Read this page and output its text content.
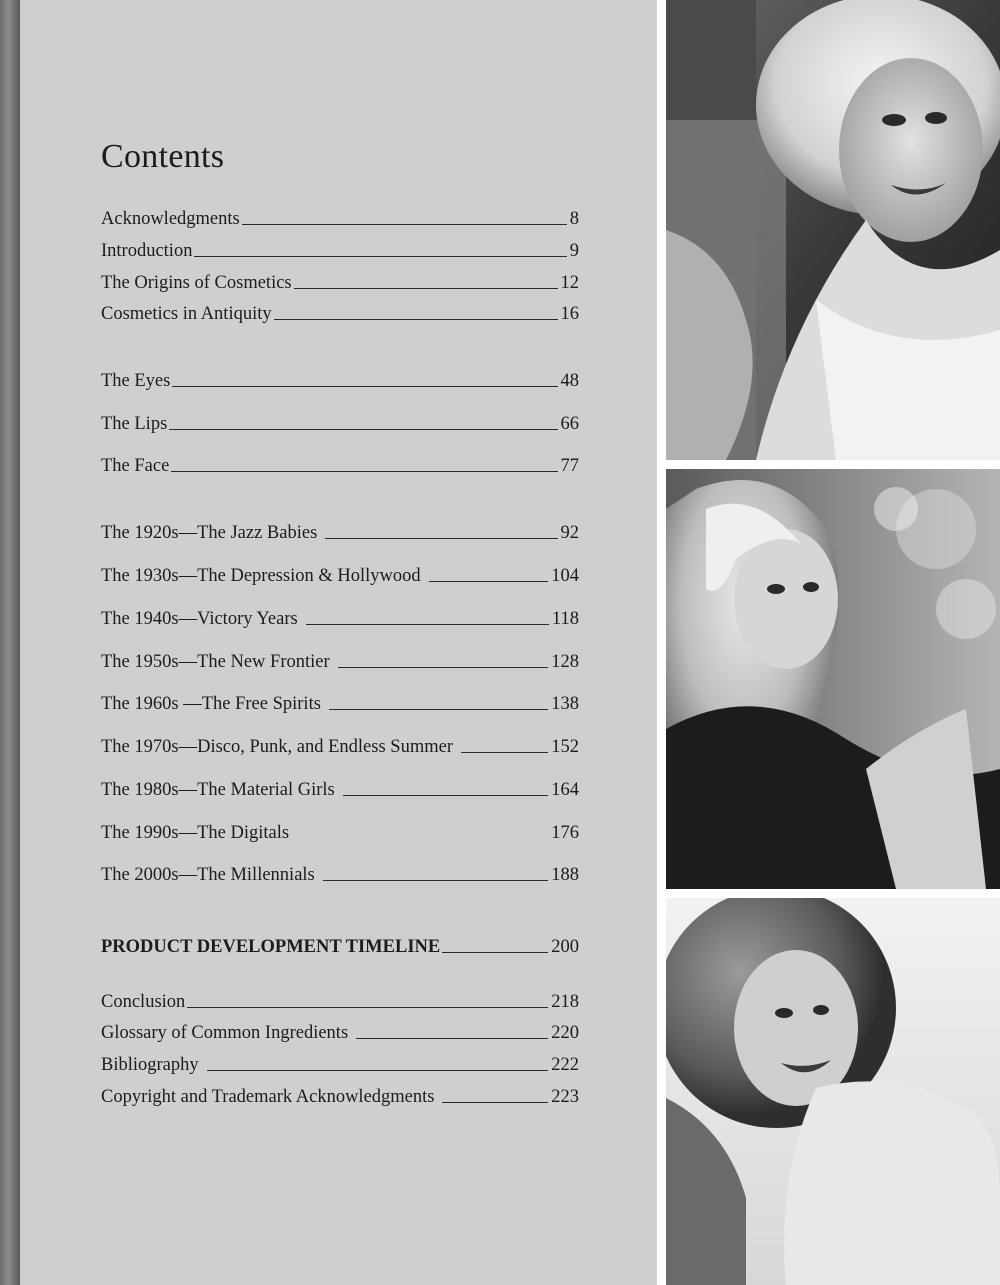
Contents
Acknowledgments	8
Introduction	9
The Origins of Cosmetics	12
Cosmetics in Antiquity	16
The Eyes	48
The Lips	66
The Face	77
The 1920s—The Jazz Babies	92
The 1930s—The Depression & Hollywood	104
The 1940s—Victory Years	118
The 1950s—The New Frontier	128
The 1960s —The Free Spirits	138
The 1970s—Disco, Punk, and Endless Summer	152
The 1980s—The Material Girls	164
The 1990s—The Digitals	176
The 2000s—The Millennials	188
PRODUCT DEVELOPMENT TIMELINE	200
Conclusion	218
Glossary of Common Ingredients	220
Bibliography	222
Copyright and Trademark Acknowledgments	223
